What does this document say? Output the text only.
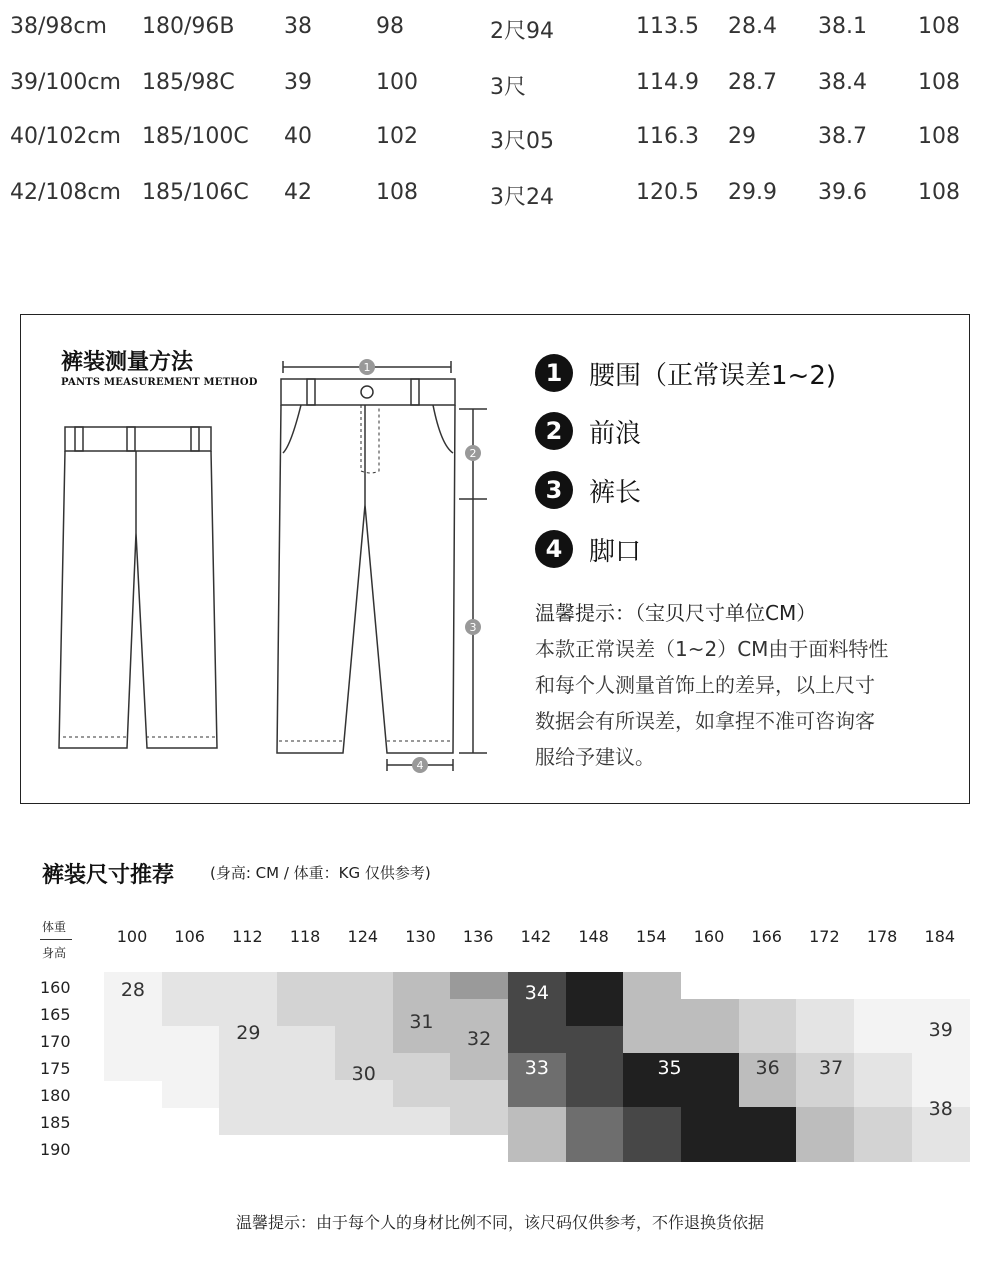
38/98cm 180/96B 38	98	2尺94	113.5 28.4 38.1 108
39/100cm 185/98C 39	100	3尺	114.9 28.7 38.4 108
40/102cm 185/100C 40	102	3尺05	116.3 29	38.7 108
42/108cm 185/106C 42	108	3尺24	120.5 29.9 39.6 108
裤装测量方法
PANTS MEASUREMENT METHOD
1
2
3
4
1	腰围（正常误差1~2)
2	前浪
3	裤长
4	脚口
温馨提示：（宝贝尺寸单位CM）
本款正常误差（1~2）CM由于面料特性
和每个人测量首饰上的差异，以上尺寸
数据会有所误差，如拿捏不准可咨询客
服给予建议。
裤装尺寸推荐 (身高: CM / 体重：KG 仅供参考)
体重
身高
100	106	112	118	124	130	136	142	148	154	160	166	172	178	184
160
165
170
175
180
185
190
28
29
30
31
32
33
34
35	36 37
38
39
温馨提示：由于每个人的身材比例不同，该尺码仅供参考，不作退换货依据
